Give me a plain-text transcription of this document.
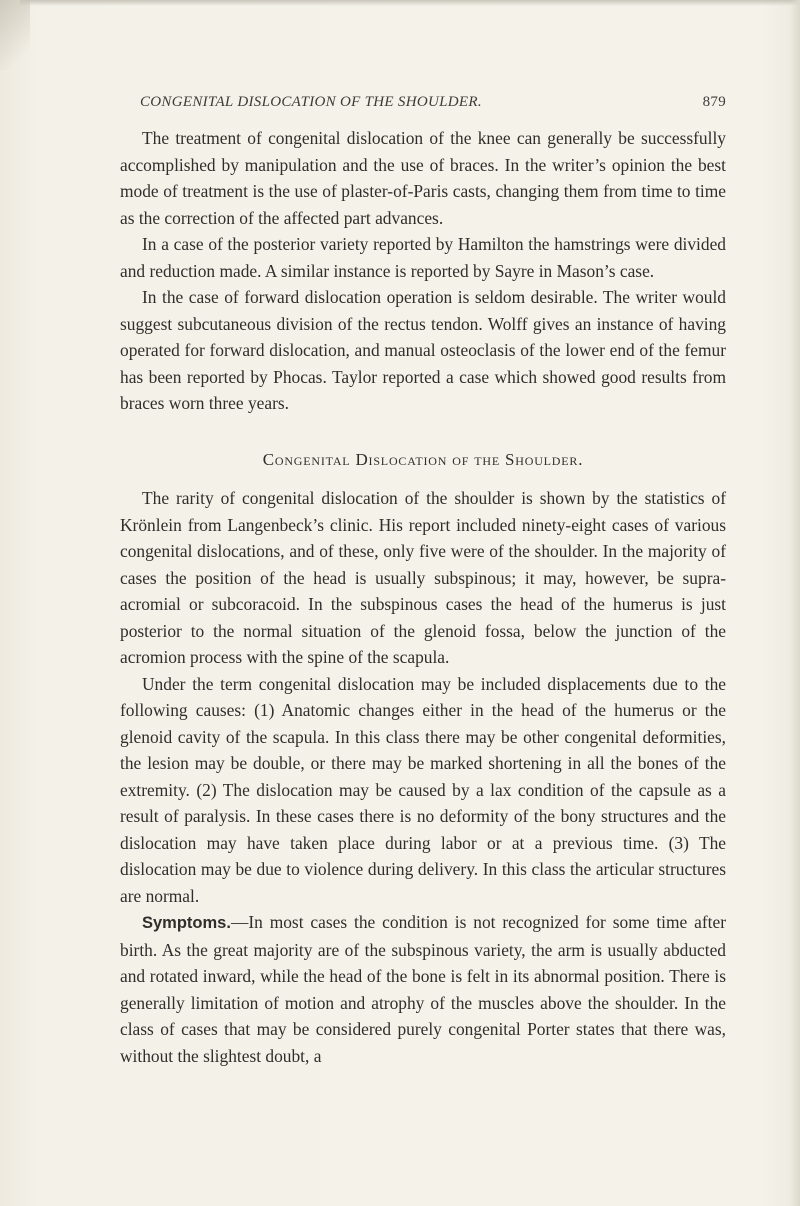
CONGENITAL DISLOCATION OF THE SHOULDER.	879

The treatment of congenital dislocation of the knee can generally be successfully accomplished by manipulation and the use of braces. In the writer’s opinion the best mode of treatment is the use of plaster-of-Paris casts, changing them from time to time as the correction of the affected part advances.

In a case of the posterior variety reported by Hamilton the hamstrings were divided and reduction made. A similar instance is reported by Sayre in Mason’s case.

In the case of forward dislocation operation is seldom desirable. The writer would suggest subcutaneous division of the rectus tendon. Wolff gives an instance of having operated for forward dislocation, and manual osteoclasis of the lower end of the femur has been reported by Phocas. Taylor reported a case which showed good results from braces worn three years.

Congenital Dislocation of the Shoulder.

The rarity of congenital dislocation of the shoulder is shown by the statistics of Krönlein from Langenbeck’s clinic. His report included ninety-eight cases of various congenital dislocations, and of these, only five were of the shoulder. In the majority of cases the position of the head is usually subspinous; it may, however, be supra-acromial or subcoracoid. In the subspinous cases the head of the humerus is just posterior to the normal situation of the glenoid fossa, below the junction of the acromion process with the spine of the scapula.

Under the term congenital dislocation may be included displacements due to the following causes: (1) Anatomic changes either in the head of the humerus or the glenoid cavity of the scapula. In this class there may be other congenital deformities, the lesion may be double, or there may be marked shortening in all the bones of the extremity. (2) The dislocation may be caused by a lax condition of the capsule as a result of paralysis. In these cases there is no deformity of the bony structures and the dislocation may have taken place during labor or at a previous time. (3) The dislocation may be due to violence during delivery. In this class the articular structures are normal.

Symptoms.—In most cases the condition is not recognized for some time after birth. As the great majority are of the subspinous variety, the arm is usually abducted and rotated inward, while the head of the bone is felt in its abnormal position. There is generally limitation of motion and atrophy of the muscles above the shoulder. In the class of cases that may be considered purely congenital Porter states that there was, without the slightest doubt, a
